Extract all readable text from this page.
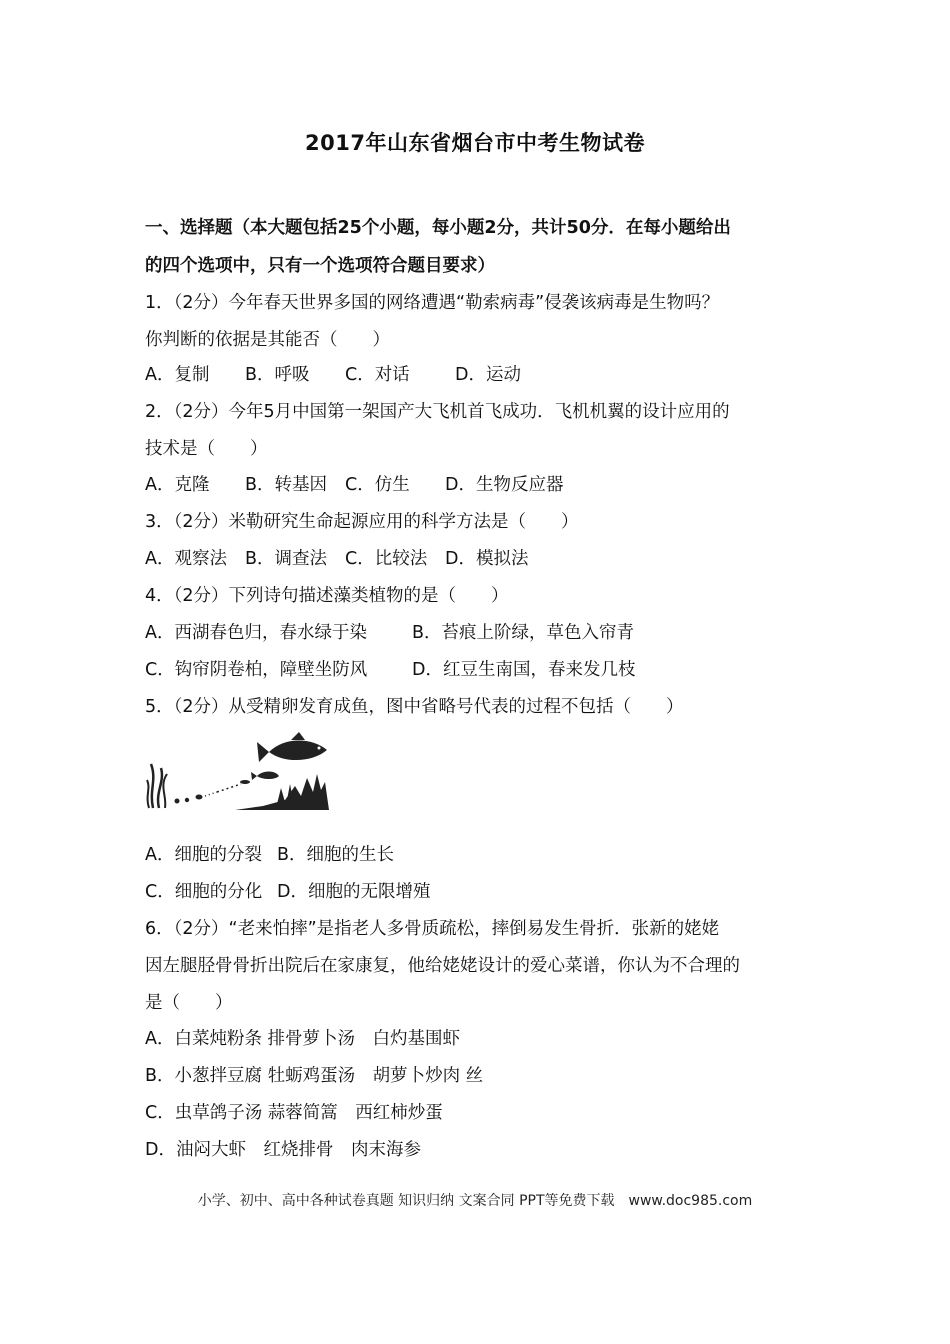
2017年山东省烟台市中考生物试卷
一、选择题（本大题包括25个小题，每小题2分，共计50分．在每小题给出
的四个选项中，只有一个选项符合题目要求）
1．（2分）今年春天世界多国的网络遭遇“勒索病毒”侵袭该病毒是生物吗？
你判断的依据是其能否（　　）
A．复制 B．呼吸 C．对话	D．运动
2．（2分）今年5月中国第一架国产大飞机首飞成功．飞机机翼的设计应用的
技术是（　　）
A．克隆 B．转基因 C．仿生 D．生物反应器
3．（2分）米勒研究生命起源应用的科学方法是（　　）
A．观察法 B．调查法 C．比较法 D．模拟法
4．（2分）下列诗句描述藻类植物的是（　　）
A．西湖春色归，春水绿于染	B．苔痕上阶绿，草色入帘青
C．钩帘阴卷柏，障壁坐防风	D．红豆生南国，春来发几枝
5．（2分）从受精卵发育成鱼，图中省略号代表的过程不包括（　　）
A．细胞的分裂 B．细胞的生长
C．细胞的分化 D．细胞的无限增殖
6．（2分）“老来怕摔”是指老人多骨质疏松，摔倒易发生骨折．张新的姥姥
因左腿胫骨骨折出院后在家康复，他给姥姥设计的爱心菜谱，你认为不合理的
是（　　）
A．白菜炖粉条 排骨萝卜汤　白灼基围虾
B．小葱拌豆腐 牡蛎鸡蛋汤　胡萝卜炒肉 丝
C．虫草鸽子汤 蒜蓉简篙　西红柿炒蛋
D．油闷大虾　红烧排骨　肉末海参
小学、初中、高中各种试卷真题 知识归纳 文案合同 PPT等免费下载　www.doc985.com
